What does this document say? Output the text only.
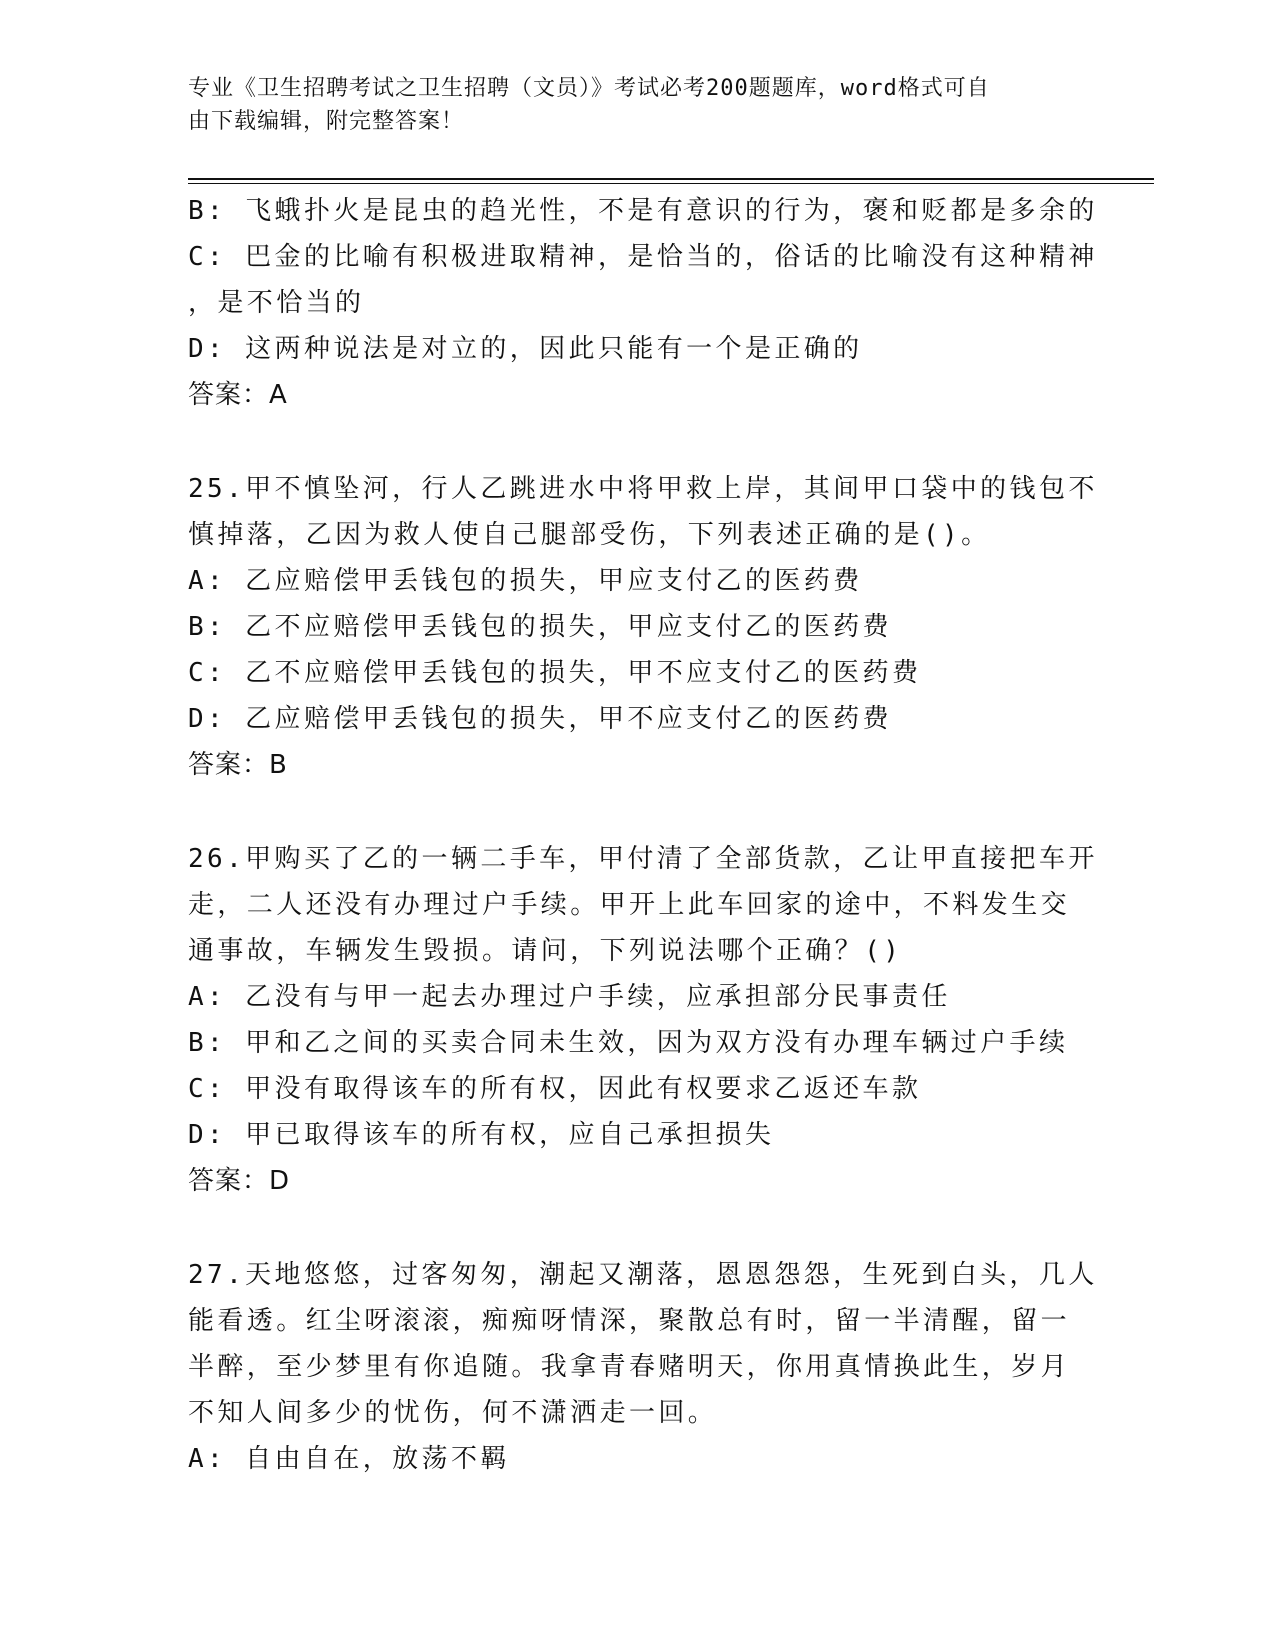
专业《卫生招聘考试之卫生招聘（文员）》考试必考200题题库，word格式可自
由下载编辑，附完整答案！
B: 飞蛾扑火是昆虫的趋光性，不是有意识的行为，褒和贬都是多余的
C: 巴金的比喻有积极进取精神，是恰当的，俗话的比喻没有这种精神
，是不恰当的
D: 这两种说法是对立的，因此只能有一个是正确的
答案：A
25.甲不慎坠河，行人乙跳进水中将甲救上岸，其间甲口袋中的钱包不
慎掉落，乙因为救人使自己腿部受伤，下列表述正确的是()。
A: 乙应赔偿甲丢钱包的损失，甲应支付乙的医药费
B: 乙不应赔偿甲丢钱包的损失，甲应支付乙的医药费
C: 乙不应赔偿甲丢钱包的损失，甲不应支付乙的医药费
D: 乙应赔偿甲丢钱包的损失，甲不应支付乙的医药费
答案：B
26.甲购买了乙的一辆二手车，甲付清了全部货款，乙让甲直接把车开
走，二人还没有办理过户手续。甲开上此车回家的途中，不料发生交
通事故，车辆发生毁损。请问，下列说法哪个正确？()
A: 乙没有与甲一起去办理过户手续，应承担部分民事责任
B: 甲和乙之间的买卖合同未生效，因为双方没有办理车辆过户手续
C: 甲没有取得该车的所有权，因此有权要求乙返还车款
D: 甲已取得该车的所有权，应自己承担损失
答案：D
27.天地悠悠，过客匆匆，潮起又潮落，恩恩怨怨，生死到白头，几人
能看透。红尘呀滚滚，痴痴呀情深，聚散总有时，留一半清醒，留一
半醉，至少梦里有你追随。我拿青春赌明天，你用真情换此生，岁月
不知人间多少的忧伤，何不潇洒走一回。
A: 自由自在，放荡不羁
